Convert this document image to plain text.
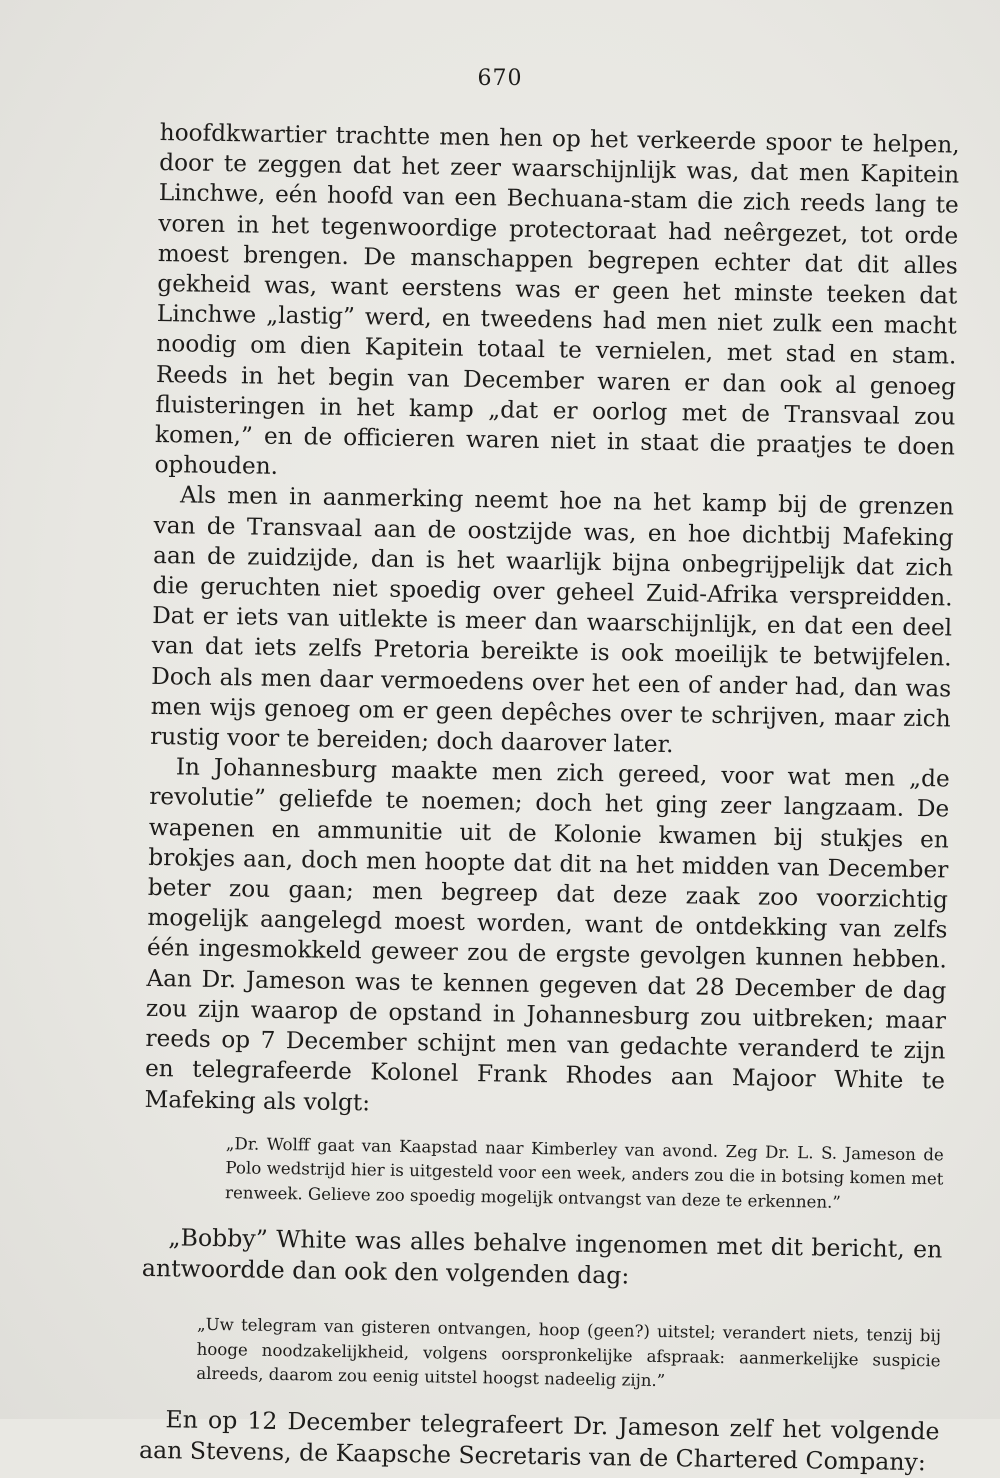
670

hoofdkwartier trachtte men hen op het verkeerde spoor te helpen, door te zeggen dat het zeer waarschijnlijk was, dat men Kapitein Linchwe, eén hoofd van een Bechuana-stam die zich reeds lang te voren in het tegenwoordige protectoraat had neêrgezet, tot orde moest brengen. De manschappen begrepen echter dat dit alles gekheid was, want eerstens was er geen het minste teeken dat Linchwe „lastig” werd, en tweedens had men niet zulk een macht noodig om dien Kapitein totaal te vernielen, met stad en stam. Reeds in het begin van December waren er dan ook al genoeg fluisteringen in het kamp „dat er oorlog met de Transvaal zou komen,” en de officieren waren niet in staat die praatjes te doen ophouden.

Als men in aanmerking neemt hoe na het kamp bij de grenzen van de Transvaal aan de oostzijde was, en hoe dichtbij Mafeking aan de zuidzijde, dan is het waarlijk bijna onbegrijpelijk dat zich die geruchten niet spoedig over geheel Zuid-Afrika verspreidden. Dat er iets van uitlekte is meer dan waarschijnlijk, en dat een deel van dat iets zelfs Pretoria bereikte is ook moeilijk te betwijfelen. Doch als men daar vermoedens over het een of ander had, dan was men wijs genoeg om er geen depêches over te schrijven, maar zich rustig voor te bereiden; doch daarover later.

In Johannesburg maakte men zich gereed, voor wat men „de revolutie” geliefde te noemen; doch het ging zeer langzaam. De wapenen en ammunitie uit de Kolonie kwamen bij stukjes en brokjes aan, doch men hoopte dat dit na het midden van December beter zou gaan; men begreep dat deze zaak zoo voorzichtig mogelijk aangelegd moest worden, want de ontdekking van zelfs één ingesmokkeld geweer zou de ergste gevolgen kunnen hebben. Aan Dr. Jameson was te kennen gegeven dat 28 December de dag zou zijn waarop de opstand in Johannesburg zou uitbreken; maar reeds op 7 December schijnt men van gedachte veranderd te zijn en telegrafeerde Kolonel Frank Rhodes aan Majoor White te Mafeking als volgt:

„Dr. Wolff gaat van Kaapstad naar Kimberley van avond. Zeg Dr. L. S. Jameson de Polo wedstrijd hier is uitgesteld voor een week, anders zou die in botsing komen met renweek. Gelieve zoo spoedig mogelijk ontvangst van deze te erkennen.”

„Bobby” White was alles behalve ingenomen met dit bericht, en antwoordde dan ook den volgenden dag:

„Uw telegram van gisteren ontvangen, hoop (geen?) uitstel; verandert niets, tenzij bij hooge noodzakelijkheid, volgens oorspronkelijke afspraak: aanmerkelijke suspicie alreeds, daarom zou eenig uitstel hoogst nadeelig zijn.”

En op 12 December telegrafeert Dr. Jameson zelf het volgende aan Stevens, de Kaapsche Secretaris van de Chartered Company:
